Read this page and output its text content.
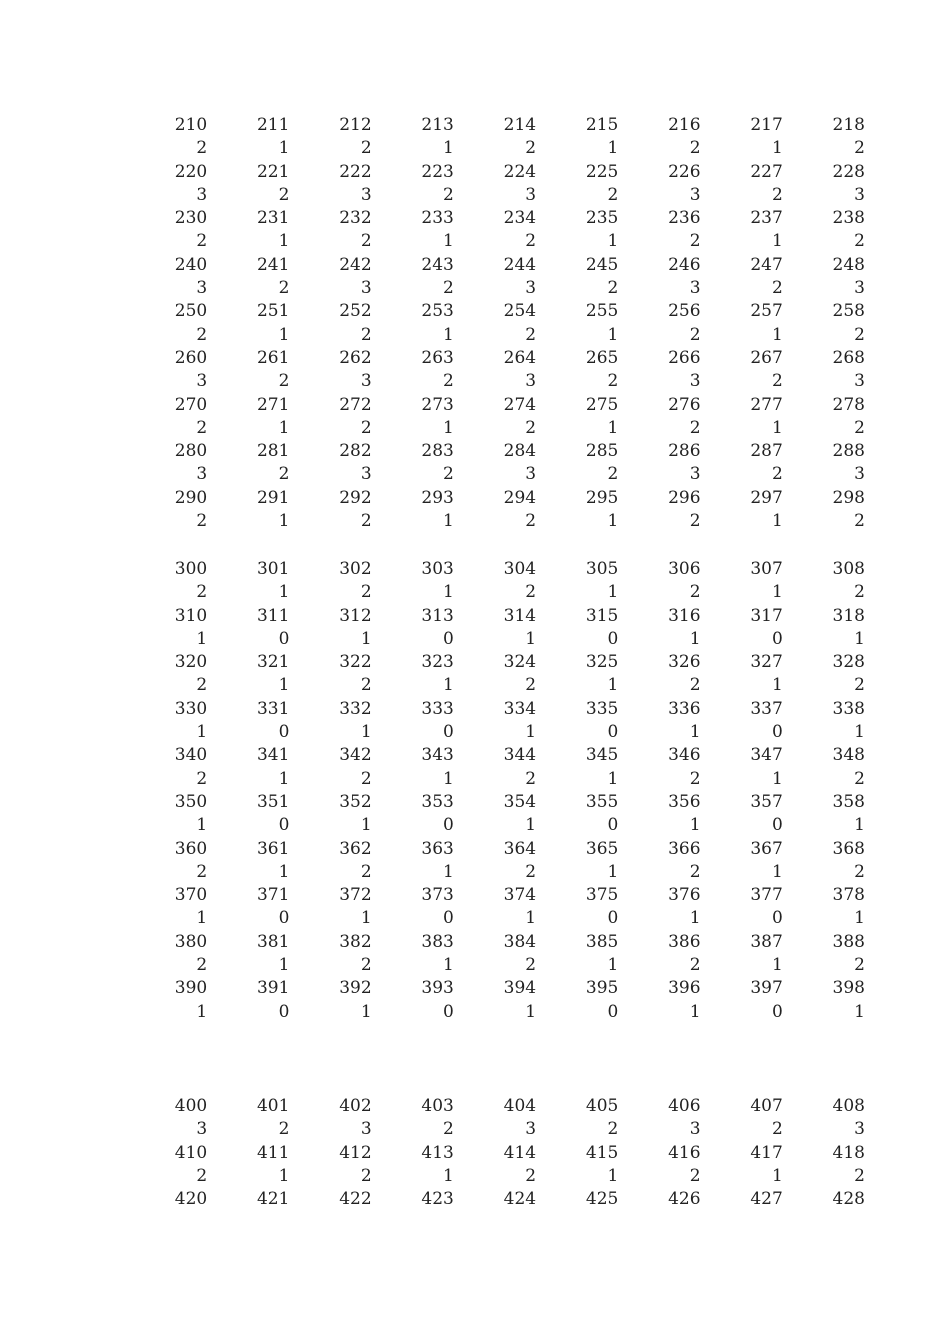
210	211	212	213	214	215	216	217	218
2	1	2	1	2	1	2	1	2
220	221	222	223	224	225	226	227	228
3	2	3	2	3	2	3	2	3
230	231	232	233	234	235	236	237	238
2	1	2	1	2	1	2	1	2
240	241	242	243	244	245	246	247	248
3	2	3	2	3	2	3	2	3
250	251	252	253	254	255	256	257	258
2	1	2	1	2	1	2	1	2
260	261	262	263	264	265	266	267	268
3	2	3	2	3	2	3	2	3
270	271	272	273	274	275	276	277	278
2	1	2	1	2	1	2	1	2
280	281	282	283	284	285	286	287	288
3	2	3	2	3	2	3	2	3
290	291	292	293	294	295	296	297	298
2	1	2	1	2	1	2	1	2
300	301	302	303	304	305	306	307	308
2	1	2	1	2	1	2	1	2
310	311	312	313	314	315	316	317	318
1	0	1	0	1	0	1	0	1
320	321	322	323	324	325	326	327	328
2	1	2	1	2	1	2	1	2
330	331	332	333	334	335	336	337	338
1	0	1	0	1	0	1	0	1
340	341	342	343	344	345	346	347	348
2	1	2	1	2	1	2	1	2
350	351	352	353	354	355	356	357	358
1	0	1	0	1	0	1	0	1
360	361	362	363	364	365	366	367	368
2	1	2	1	2	1	2	1	2
370	371	372	373	374	375	376	377	378
1	0	1	0	1	0	1	0	1
380	381	382	383	384	385	386	387	388
2	1	2	1	2	1	2	1	2
390	391	392	393	394	395	396	397	398
1	0	1	0	1	0	1	0	1
400	401	402	403	404	405	406	407	408
3	2	3	2	3	2	3	2	3
410	411	412	413	414	415	416	417	418
2	1	2	1	2	1	2	1	2
420	421	422	423	424	425	426	427	428
